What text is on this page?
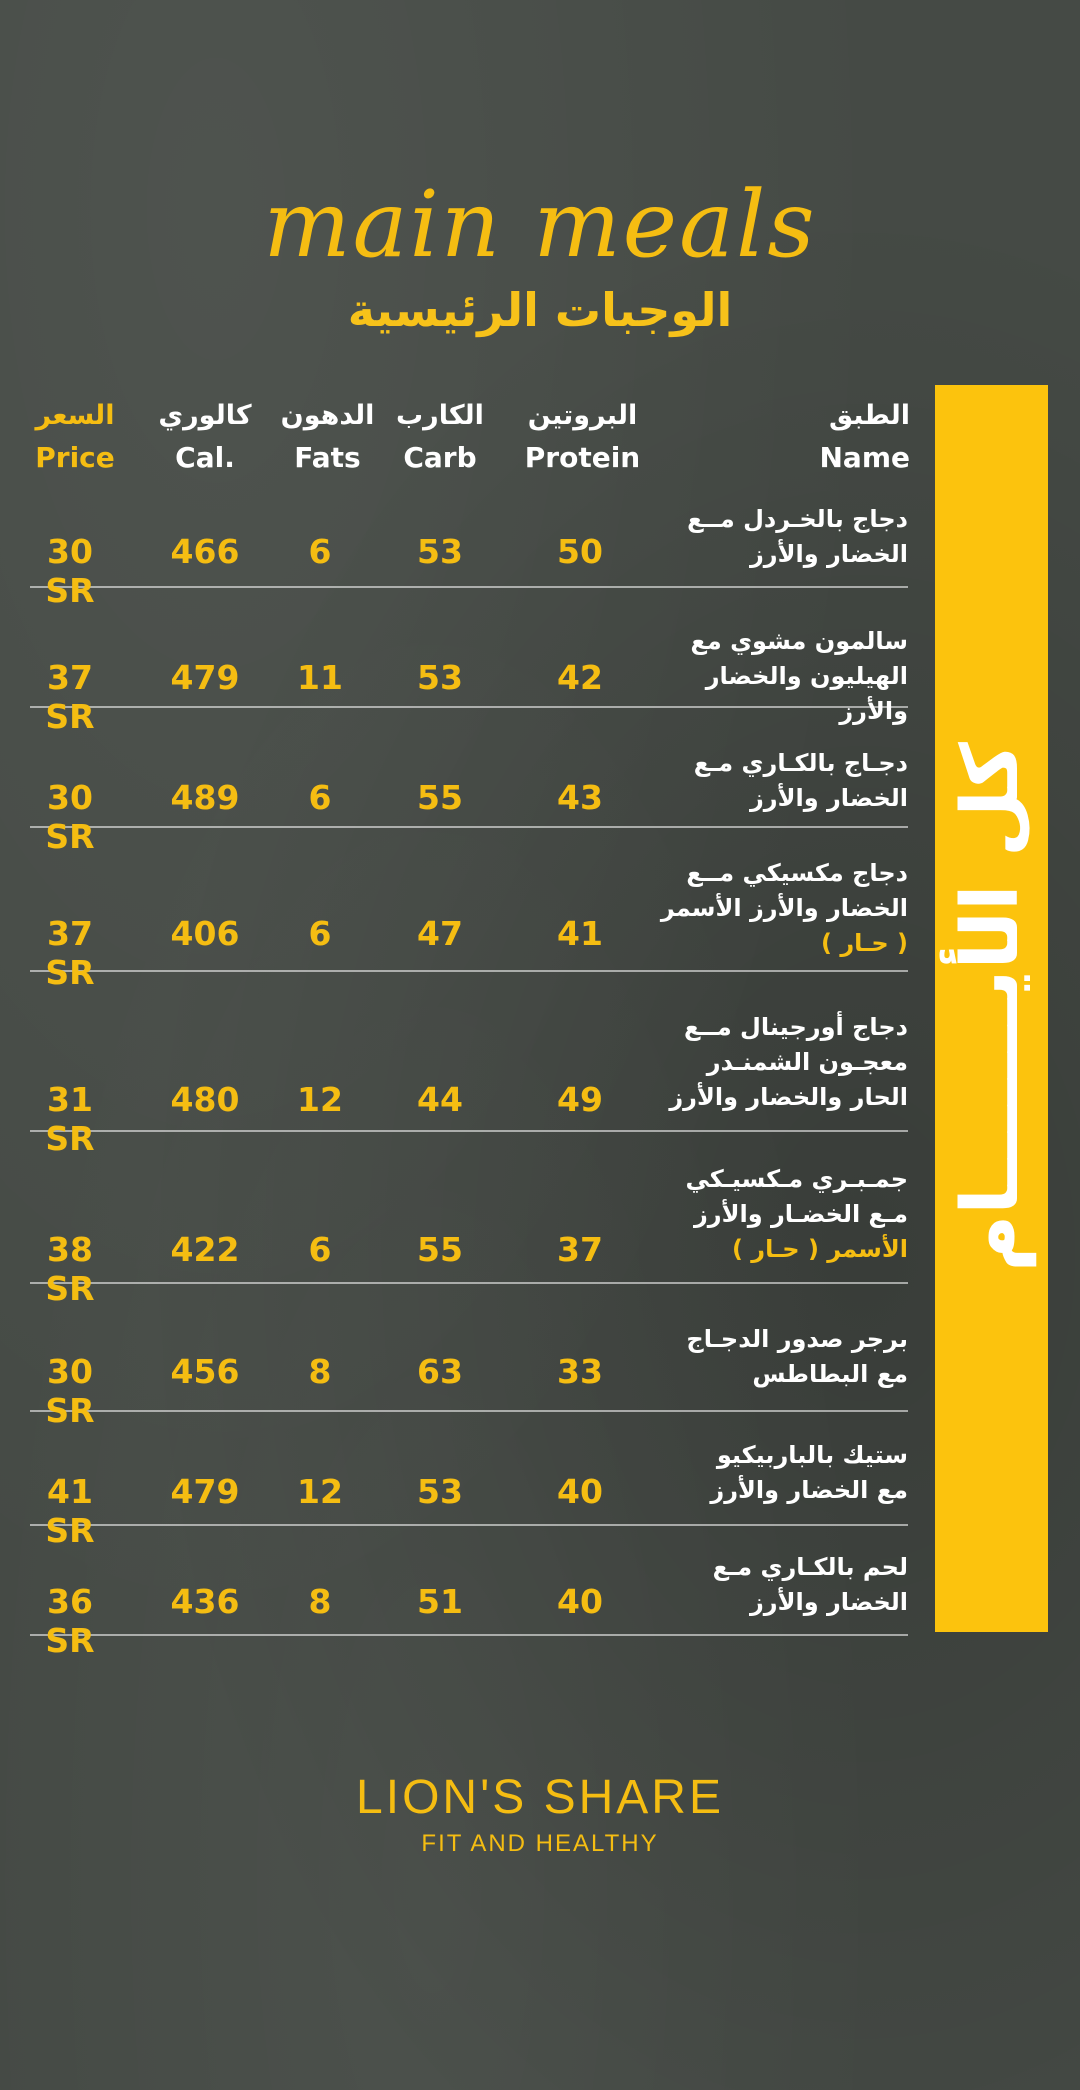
main meals
الوجبات الرئيسية
الطبق
Name
البروتين
Protein
الكارب
Carb
الدهون
Fats
كالوري
Cal.
السعر
Price
دجاج بالخـردل مــع
الخضار والأرز
50
53
6
466
30 SR
سالمون مشوي مع
الهيليون والخضار والأرز
42
53
11
479
37 SR
دجـاج بالكـاري مـع
الخضار والأرز
43
55
6
489
30 SR
دجاج مكسيكي مــع
الخضار والأرز الأسمر
( حـار )
41
47
6
406
37 SR
دجاج أورجينال مــع
معجـون الشمنـدر
الحار والخضار والأرز
49
44
12
480
31 SR
جمـبـري مـكسيـكي
مـع الخضـار والأرز
الأسمر ( حـار )
37
55
6
422
38 SR
برجر صدور الدجـاج
مع البطاطس
33
63
8
456
30 SR
ستيك بالباربيكيو
مع الخضار والأرز
40
53
12
479
41 SR
لحم بالكـاري مـع
الخضار والأرز
40
51
8
436
36 SR
كل الأيـــــــام
LION'S SHARE
FIT AND HEALTHY
